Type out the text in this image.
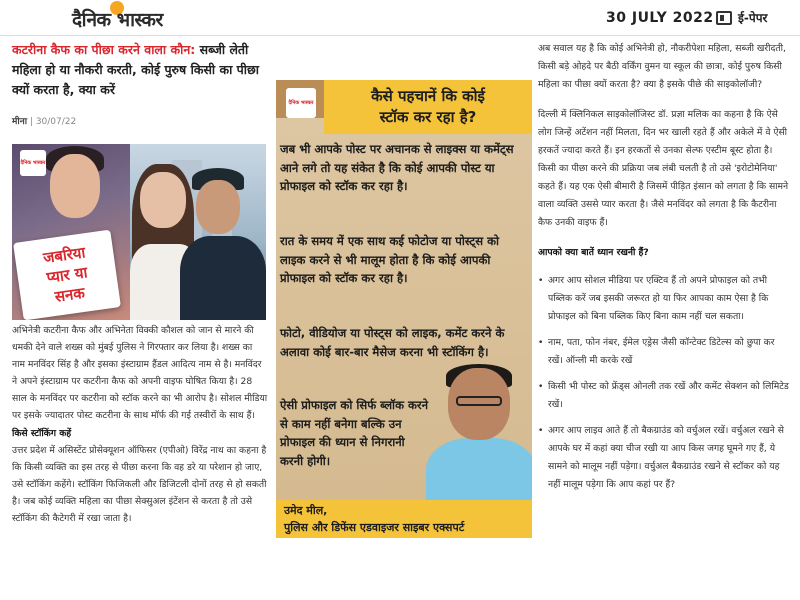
दैनिक भास्कर	30 JULY 2022 ई-पेपर
कटरीना कैफ का पीछा करने वाला कौन: सब्जी लेती महिला हो या नौकरी करती, कोई पुरुष किसी का पीछा क्यों करता है, क्या करें
मीना | 30/07/22
दैनिक भास्कर
जबरिया
प्यार या
सनक

अभिनेत्री कटरीना कैफ और अभिनेता विक्की कौशल को जान से मारने की धमकी देने वाले शख्स को मुंबई पुलिस ने गिरफ्तार कर लिया है। शख्स का नाम मनविंदर सिंह है और इसका इंस्टाग्राम हैंडल आदित्य नाम से है। मनविंदर ने अपने इंस्टाग्राम पर कटरीना कैफ को अपनी वाइफ घोषित किया है। 28 साल के मनविंदर पर कटरीना को स्टॉक करने का भी आरोप है। सोशल मीडिया पर इसके ज्यादातर पोस्ट कटरीना के साथ मॉर्फ की गई तस्वीरों के साथ हैं।

किसे स्टॉकिंग कहें

उत्तर प्रदेश में असिस्टेंट प्रोसेक्यूशन ऑफिसर (एपीओ) विरेंद्र नाथ का कहना है कि किसी व्यक्ति का इस तरह से पीछा करना कि वह डरे या परेशान हो जाए, उसे स्टॉकिंग कहेंगे। स्टॉकिंग फिजिकली और डिजिटली दोनों तरह से हो सकती है। जब कोई व्यक्ति महिला का पीछा सेक्सुअल इंटेंशन से करता है तो उसे स्टॉकिंग की कैटेगरी में रखा जाता है।

दैनिक भास्कर	कैसे पहचानें कि कोई
स्टॉक कर रहा है?
जब भी आपके पोस्ट पर अचानक से लाइक्स या कमेंट्स आने लगे तो यह संकेत है कि कोई आपकी पोस्ट या प्रोफाइल को स्टॉक कर रहा है।
रात के समय में एक साथ कई फोटोज या पोस्ट्स को लाइक करने से भी मालूम होता है कि कोई आपकी प्रोफाइल को स्टॉक कर रहा है।
फोटो, वीडियोज या पोस्ट्स को लाइक, कमेंट करने के अलावा कोई बार-बार मैसेज करना भी स्टॉकिंग है।
ऐसी प्रोफाइल को सिर्फ ब्लॉक करने से काम नहीं बनेगा बल्कि उन प्रोफाइल की ध्यान से निगरानी करनी होगी।
उमेद मील,
पुलिस और डिफेंस एडवाइजर साइबर एक्सपर्ट

अब सवाल यह है कि कोई अभिनेत्री हो, नौकरीपेशा महिला, सब्जी खरीदती, किसी बड़े ओहदे पर बैठी वर्किंग वुमन या स्कूल की छात्रा, कोई पुरुष किसी महिला का पीछा क्यों करता है? क्या है इसके पीछे की साइकोलॉजी?

दिल्ली में क्लिनिकल साइकोलॉजिस्ट डॉ. प्रज्ञा मलिक का कहना है कि ऐसे लोग जिन्हें अटेंशन नहीं मिलता, दिन भर खाली रहते हैं और अकेले में वे ऐसी हरकतें ज्यादा करते हैं। इन हरकतों से उनका सेल्फ एस्टीम बूस्ट होता है। किसी का पीछा करने की प्रक्रिया जब लंबी चलती है तो उसे 'इरोटोमेनिया' कहते हैं। यह एक ऐसी बीमारी है जिसमें पीड़ित इंसान को लगता है कि सामने वाला व्यक्ति उससे प्यार करता है। जैसे मनविंदर को लगता है कि कैटरीना कैफ उनकी वाइफ हैं।

आपको क्या बातें ध्यान रखनी हैं?

• अगर आप सोशल मीडिया पर एक्टिव हैं तो अपने प्रोफाइल को तभी पब्लिक करें जब इसकी जरूरत हो या फिर आपका काम ऐसा है कि प्रोफाइल को बिना पब्लिक किए बिना काम नहीं चल सकता।
• नाम, पता, फोन नंबर, ईमेल एड्रेस जैसी कॉन्टेक्ट डिटेल्स को छुपा कर रखें। ऑन्ली मी करके रखें
• किसी भी पोस्ट को फ्रेंड्स ओनली तक रखें और कमेंट सेक्शन को लिमिटेड रखें।
• अगर आप लाइव आते हैं तो बैकग्राउंड को वर्चुअल रखें। वर्चुअल रखने से आपके घर में कहां क्या चीज रखी या आप किस जगह घूमने गए हैं, ये सामने को मालूम नहीं पड़ेगा। वर्चुअल बैकग्राउंड रखने से स्टॉकर को यह नहीं मालूम पड़ेगा कि आप कहां पर हैं?
